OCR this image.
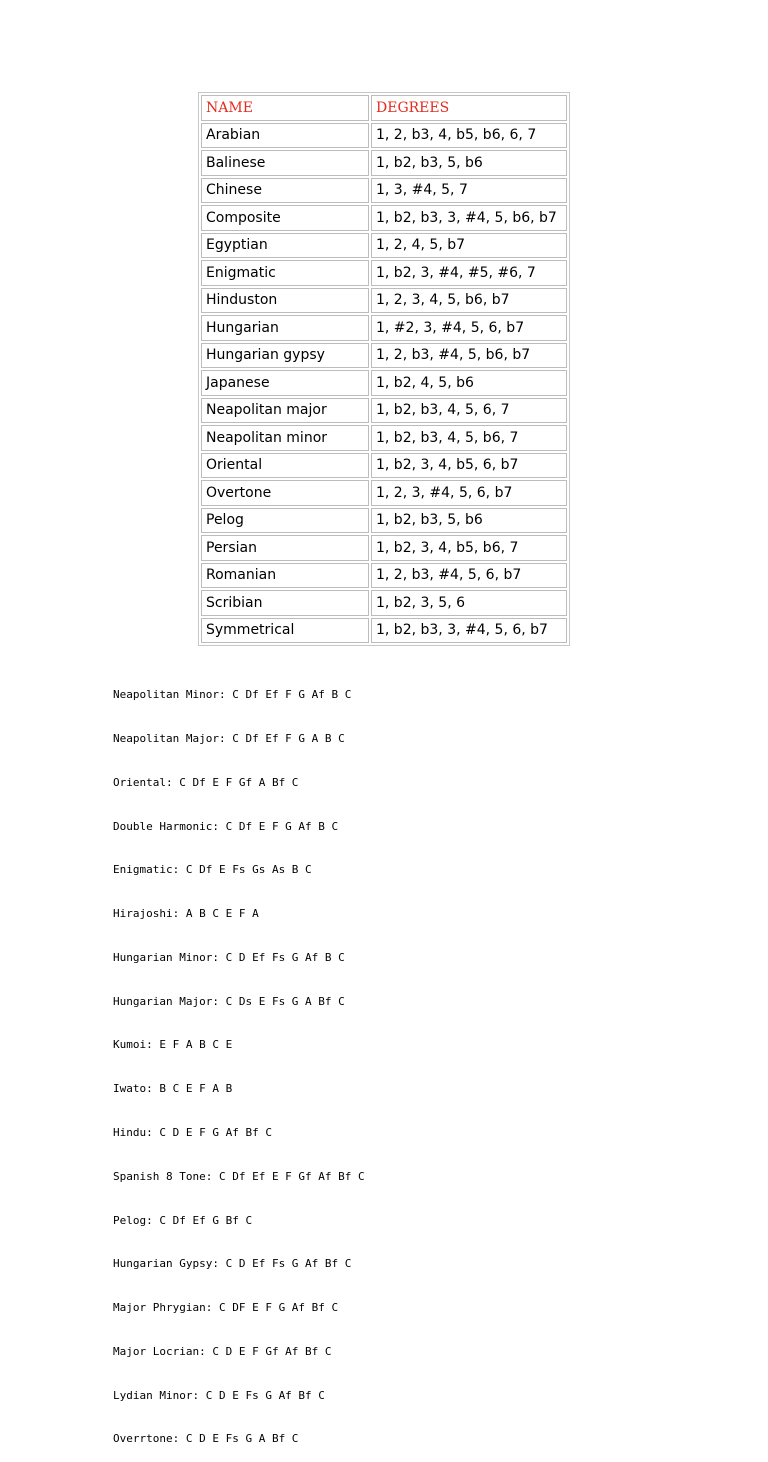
NAME	DEGREES
Arabian	1, 2, b3, 4, b5, b6, 6, 7
Balinese	1, b2, b3, 5, b6
Chinese	1, 3, #4, 5, 7
Composite	1, b2, b3, 3, #4, 5, b6, b7
Egyptian	1, 2, 4, 5, b7
Enigmatic	1, b2, 3, #4, #5, #6, 7
Hinduston	1, 2, 3, 4, 5, b6, b7
Hungarian	1, #2, 3, #4, 5, 6, b7
Hungarian gypsy	1, 2, b3, #4, 5, b6, b7
Japanese	1, b2, 4, 5, b6
Neapolitan major	1, b2, b3, 4, 5, 6, 7
Neapolitan minor	1, b2, b3, 4, 5, b6, 7
Oriental	1, b2, 3, 4, b5, 6, b7
Overtone	1, 2, 3, #4, 5, 6, b7
Pelog	1, b2, b3, 5, b6
Persian	1, b2, 3, 4, b5, b6, 7
Romanian	1, 2, b3, #4, 5, 6, b7
Scribian	1, b2, 3, 5, 6
Symmetrical	1, b2, b3, 3, #4, 5, 6, b7

Neapolitan Minor: C Df Ef F G Af B C

Neapolitan Major: C Df Ef F G A B C

Oriental: C Df E F Gf A Bf C

Double Harmonic: C Df E F G Af B C

Enigmatic: C Df E Fs Gs As B C

Hirajoshi: A B C E F A

Hungarian Minor: C D Ef Fs G Af B C

Hungarian Major: C Ds E Fs G A Bf C

Kumoi: E F A B C E

Iwato: B C E F A B

Hindu: C D E F G Af Bf C

Spanish 8 Tone: C Df Ef E F Gf Af Bf C

Pelog: C Df Ef G Bf C

Hungarian Gypsy: C D Ef Fs G Af Bf C

Major Phrygian: C DF E F G Af Bf C

Major Locrian: C D E F Gf Af Bf C

Lydian Minor: C D E Fs G Af Bf C

Overrtone: C D E Fs G A Bf C
